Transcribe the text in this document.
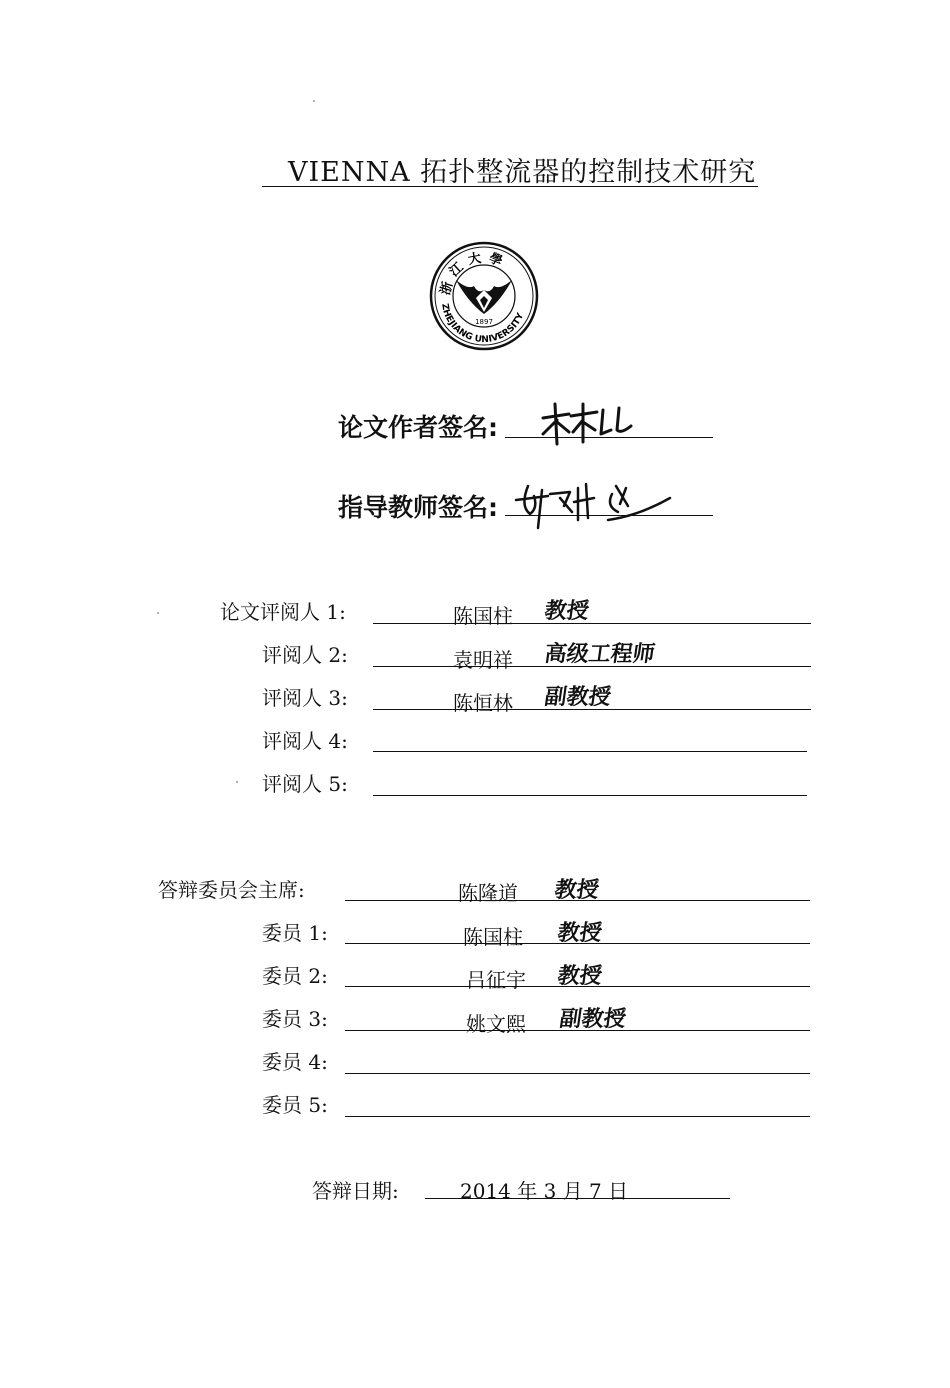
VIENNA 拓扑整流器的控制技术研究
浙江大學
1897
ZHEJIANG UNIVERSITY
论文作者签名:
指导教师签名:
论文评阅人 1:	陈国柱 教授
评阅人 2:	袁明祥 高级工程师
评阅人 3:	陈恒林 副教授
评阅人 4:
评阅人 5:
答辩委员会主席:	陈隆道 教授
委员 1:	陈国柱 教授
委员 2:	吕征宇 教授
委员 3:	姚文熙 副教授
委员 4:
委员 5:
答辩日期:	2014 年 3 月 7 日
